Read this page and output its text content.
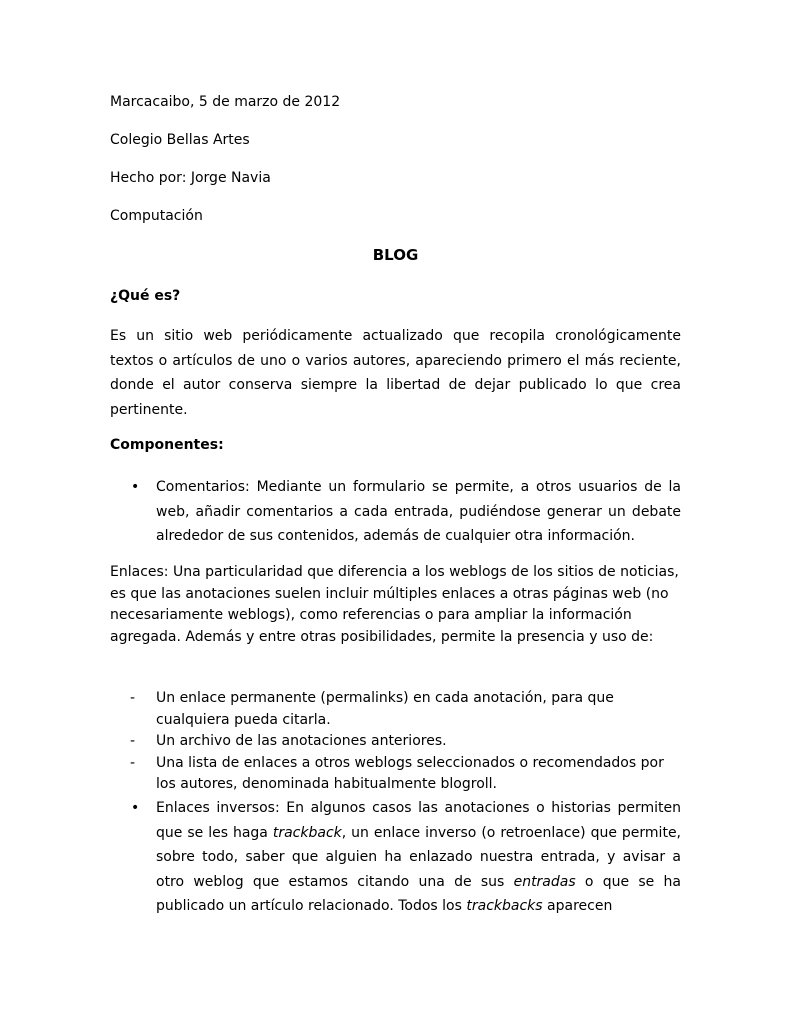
Marcacaibo, 5 de marzo de 2012
Colegio Bellas Artes
Hecho por: Jorge Navia
Computación
BLOG
¿Qué es?

Es un sitio web periódicamente actualizado que recopila cronológicamente textos o artículos de uno o varios autores, apareciendo primero el más reciente, donde el autor conserva siempre la libertad de dejar publicado lo que crea pertinente.

Componentes:
• Comentarios: Mediante un formulario se permite, a otros usuarios de la web, añadir comentarios a cada entrada, pudiéndose generar un debate alrededor de sus contenidos, además de cualquier otra información.

Enlaces: Una particularidad que diferencia a los weblogs de los sitios de noticias, es que las anotaciones suelen incluir múltiples enlaces a otras páginas web (no necesariamente weblogs), como referencias o para ampliar la información agregada. Además y entre otras posibilidades, permite la presencia y uso de:

- Un enlace permanente (permalinks) en cada anotación, para que cualquiera pueda citarla.
- Un archivo de las anotaciones anteriores.
- Una lista de enlaces a otros weblogs seleccionados o recomendados por los autores, denominada habitualmente blogroll.
• Enlaces inversos: En algunos casos las anotaciones o historias permiten que se les haga trackback, un enlace inverso (o retroenlace) que permite, sobre todo, saber que alguien ha enlazado nuestra entrada, y avisar a otro weblog que estamos citando una de sus entradas o que se ha publicado un artículo relacionado. Todos los trackbacks aparecen
